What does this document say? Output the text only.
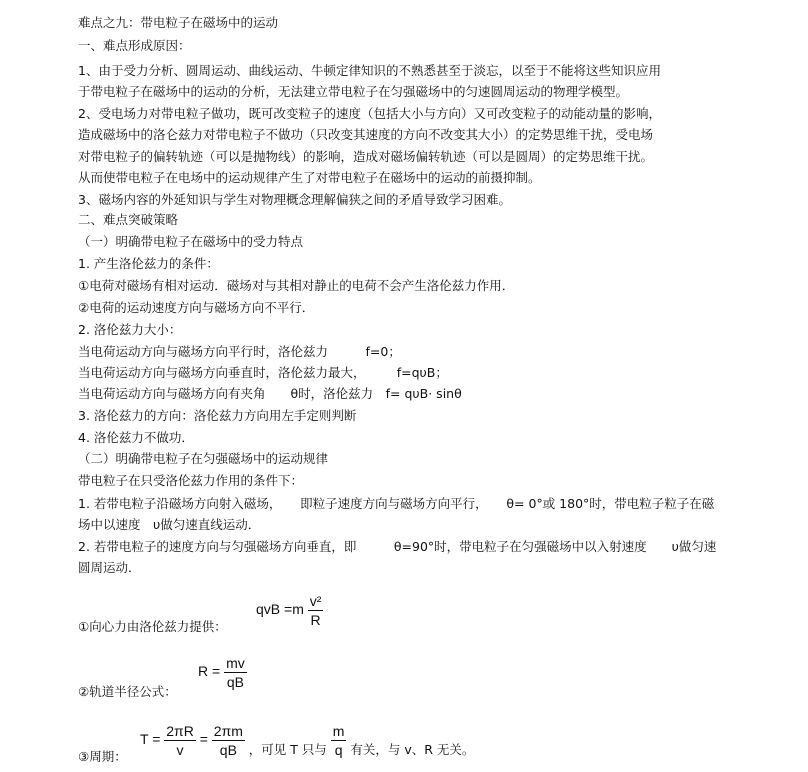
难点之九：带电粒子在磁场中的运动
一、难点形成原因：
1、由于受力分析、圆周运动、曲线运动、牛顿定律知识的不熟悉甚至于淡忘，以至于不能将这些知识应用
于带电粒子在磁场中的运动的分析，无法建立带电粒子在匀强磁场中的匀速圆周运动的物理学模型。
2、受电场力对带电粒子做功，既可改变粒子的速度（包括大小与方向）又可改变粒子的动能动量的影响，
造成磁场中的洛仑兹力对带电粒子不做功（只改变其速度的方向不改变其大小）的定势思维干扰，受电场
对带电粒子的偏转轨迹（可以是抛物线）的影响，造成对磁场偏转轨迹（可以是圆周）的定势思维干扰。
从而使带电粒子在电场中的运动规律产生了对带电粒子在磁场中的运动的前摄抑制。
3、磁场内容的外延知识与学生对物理概念理解偏狭之间的矛盾导致学习困难。
二、难点突破策略
（一）明确带电粒子在磁场中的受力特点
1. 产生洛伦兹力的条件：
①电荷对磁场有相对运动．磁场对与其相对静止的电荷不会产生洛伦兹力作用．
②电荷的运动速度方向与磁场方向不平行．
2. 洛伦兹力大小：
当电荷运动方向与磁场方向平行时，洛伦兹力　　　f=0；
当电荷运动方向与磁场方向垂直时，洛伦兹力最大，　　　f=qυB；
当电荷运动方向与磁场方向有夹角　　θ时，洛伦兹力　f= qυB· sinθ
3. 洛伦兹力的方向：洛伦兹力方向用左手定则判断
4. 洛伦兹力不做功．
（二）明确带电粒子在匀强磁场中的运动规律
带电粒子在只受洛伦兹力作用的条件下：
1. 若带电粒子沿磁场方向射入磁场，　　即粒子速度方向与磁场方向平行，　　θ= 0°或 180°时，带电粒子粒子在磁
场中以速度　υ做匀速直线运动．
2. 若带电粒子的速度方向与匀强磁场方向垂直，即　　　θ=90°时，带电粒子在匀强磁场中以入射速度　　υ做匀速
圆周运动．
①向心力由洛伦兹力提供：
qvB $=m \frac{\text{v²}}{R}$
②轨道半径公式：
$R = \frac{mv}{qB}$
③周期：
$T = \frac{2\pi R}{v} = \frac{2\pi m}{qB}$ ，可见 T 只与 $\frac{m}{q}$ 有关，与 v、R 无关。
